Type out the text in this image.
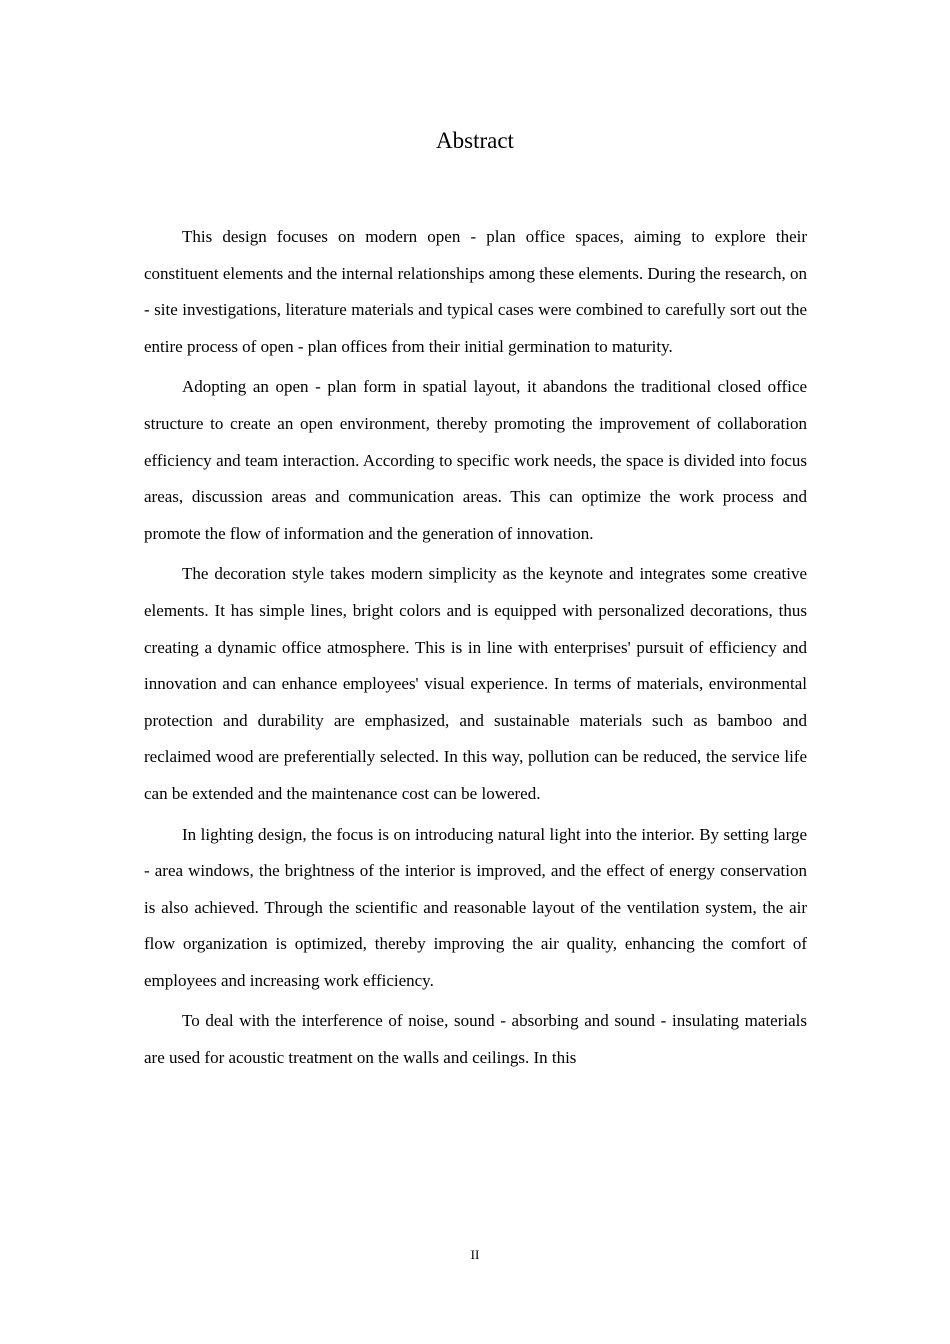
Abstract

This design focuses on modern open - plan office spaces, aiming to explore their constituent elements and the internal relationships among these elements. During the research, on - site investigations, literature materials and typical cases were combined to carefully sort out the entire process of open - plan offices from their initial germination to maturity.

Adopting an open - plan form in spatial layout, it abandons the traditional closed office structure to create an open environment, thereby promoting the improvement of collaboration efficiency and team interaction. According to specific work needs, the space is divided into focus areas, discussion areas and communication areas. This can optimize the work process and promote the flow of information and the generation of innovation.

The decoration style takes modern simplicity as the keynote and integrates some creative elements. It has simple lines, bright colors and is equipped with personalized decorations, thus creating a dynamic office atmosphere. This is in line with enterprises' pursuit of efficiency and innovation and can enhance employees' visual experience. In terms of materials, environmental protection and durability are emphasized, and sustainable materials such as bamboo and reclaimed wood are preferentially selected. In this way, pollution can be reduced, the service life can be extended and the maintenance cost can be lowered.

In lighting design, the focus is on introducing natural light into the interior. By setting large - area windows, the brightness of the interior is improved, and the effect of energy conservation is also achieved. Through the scientific and reasonable layout of the ventilation system, the air flow organization is optimized, thereby improving the air quality, enhancing the comfort of employees and increasing work efficiency.

To deal with the interference of noise, sound - absorbing and sound - insulating materials are used for acoustic treatment on the walls and ceilings. In this

II
